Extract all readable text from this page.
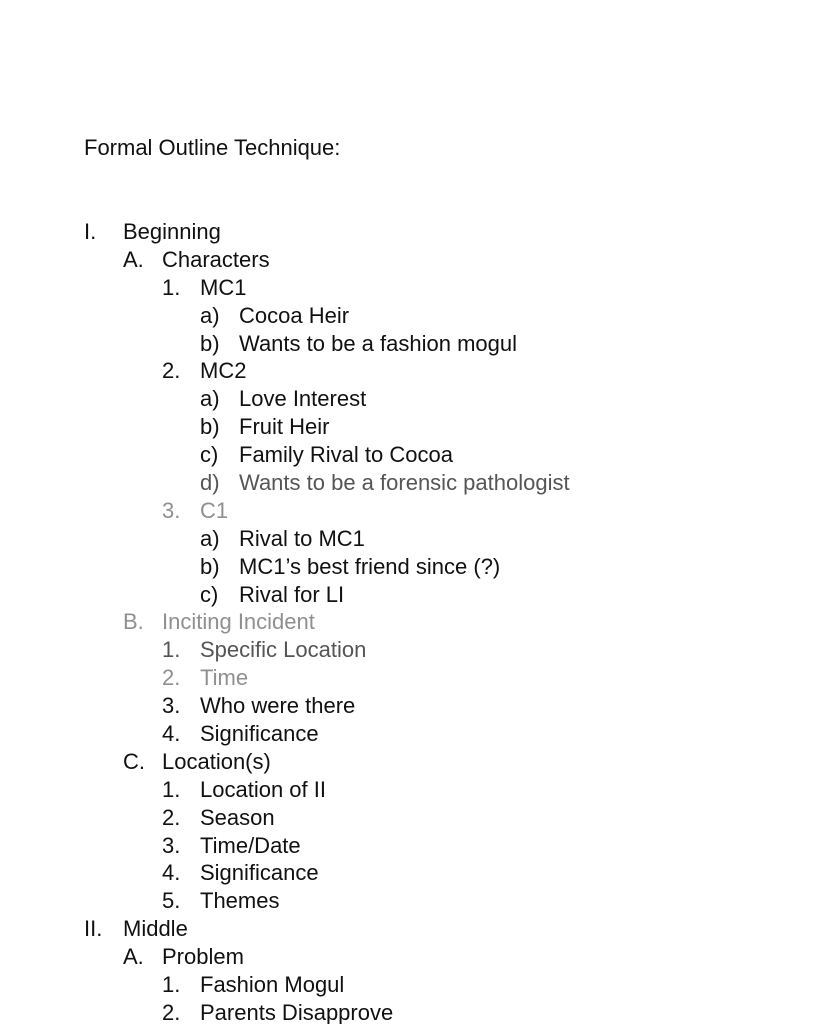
Formal Outline Technique:
I. Beginning
A. Characters
1. MC1
a) Cocoa Heir
b) Wants to be a fashion mogul
2. MC2
a) Love Interest
b) Fruit Heir
c) Family Rival to Cocoa
d) Wants to be a forensic pathologist
3. C1
a) Rival to MC1
b) MC1’s best friend since (?)
c) Rival for LI
B. Inciting Incident
1. Specific Location
2. Time
3. Who were there
4. Significance
C. Location(s)
1. Location of II
2. Season
3. Time/Date
4. Significance
5. Themes
II. Middle
A. Problem
1. Fashion Mogul
2. Parents Disapprove
